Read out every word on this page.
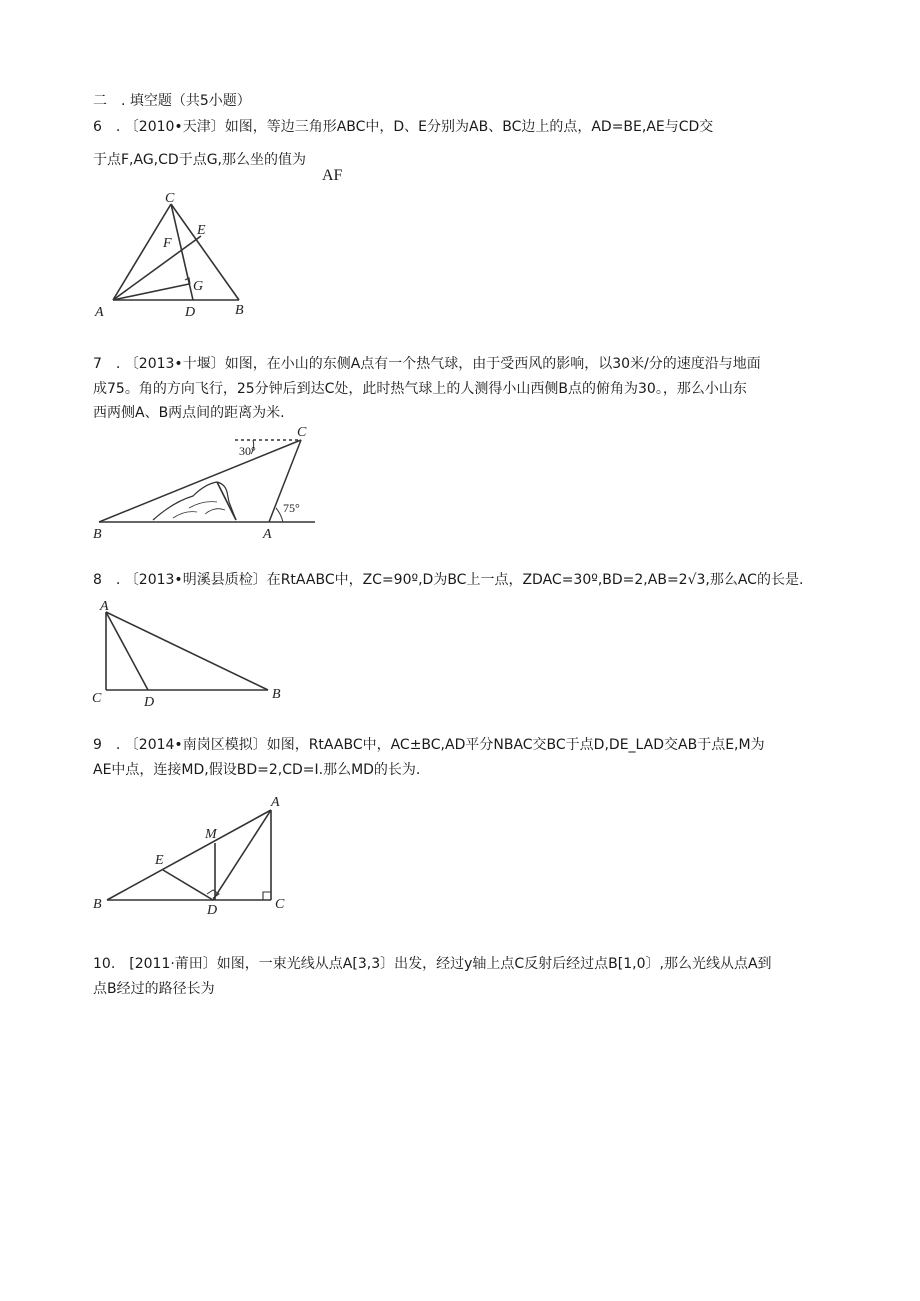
二　. 填空题（共5小题）
6　. 〔2010•天津〕如图，等边三角形ABC中，D、E分别为AB、BC边上的点，AD=BE,AE与CD交
于点F,AG,CD于点G,那么坐的值为
AF
C
E
F
G
A	D	B
7　. 〔2013•十堰〕如图，在小山的东侧A点有一个热气球，由于受西风的影响，以30米/分的速度沿与地面
成75。角的方向飞行，25分钟后到达C处，此时热气球上的人测得小山西侧B点的俯角为30。，那么小山东
西两侧A、B两点间的距离为米.
30°
75°
C
B	A
8　. 〔2013•明溪县质检〕在RtAABC中，ZC=90º,D为BC上一点，ZDAC=30º,BD=2,AB=2√3,那么AC的长是.
A
C	D
B
9　. 〔2014•南岗区模拟〕如图，RtAABC中，AC±BC,AD平分NBAC交BC于点D,DE_LAD交AB于点E,M为
AE中点，连接MD,假设BD=2,CD=I.那么MD的长为.
A
M
E
B	D	C
10.　[2011·莆田〕如图，一束光线从点A[3,3〕出发，经过y轴上点C反射后经过点B[1,0〕,那么光线从点A到
点B经过的路径长为
